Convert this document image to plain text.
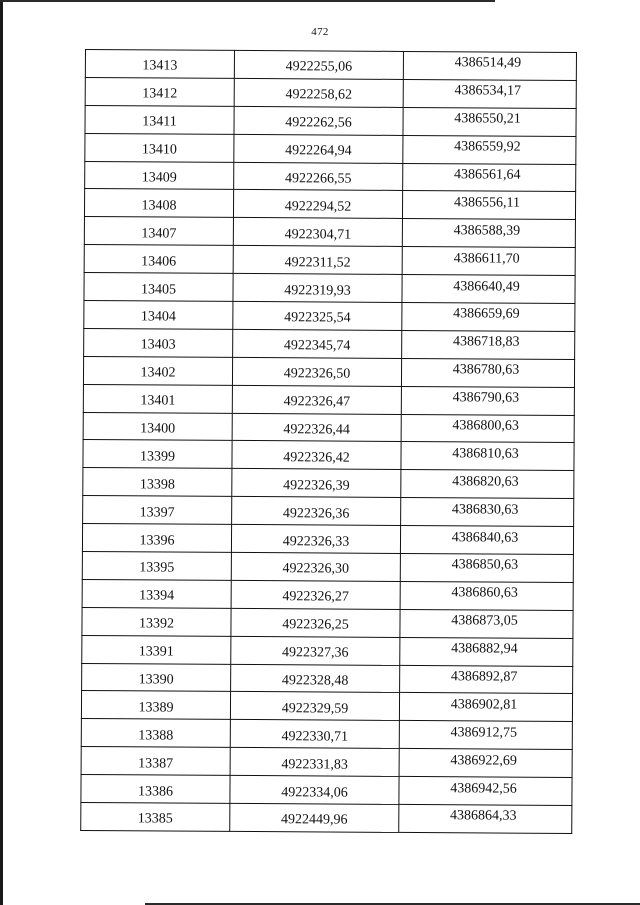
472
13413	4922255,06	4386514,49
13412	4922258,62	4386534,17
13411	4922262,56	4386550,21
13410	4922264,94	4386559,92
13409	4922266,55	4386561,64
13408	4922294,52	4386556,11
13407	4922304,71	4386588,39
13406	4922311,52	4386611,70
13405	4922319,93	4386640,49
13404	4922325,54	4386659,69
13403	4922345,74	4386718,83
13402	4922326,50	4386780,63
13401	4922326,47	4386790,63
13400	4922326,44	4386800,63
13399	4922326,42	4386810,63
13398	4922326,39	4386820,63
13397	4922326,36	4386830,63
13396	4922326,33	4386840,63
13395	4922326,30	4386850,63
13394	4922326,27	4386860,63
13392	4922326,25	4386873,05
13391	4922327,36	4386882,94
13390	4922328,48	4386892,87
13389	4922329,59	4386902,81
13388	4922330,71	4386912,75
13387	4922331,83	4386922,69
13386	4922334,06	4386942,56
13385	4922449,96	4386864,33
